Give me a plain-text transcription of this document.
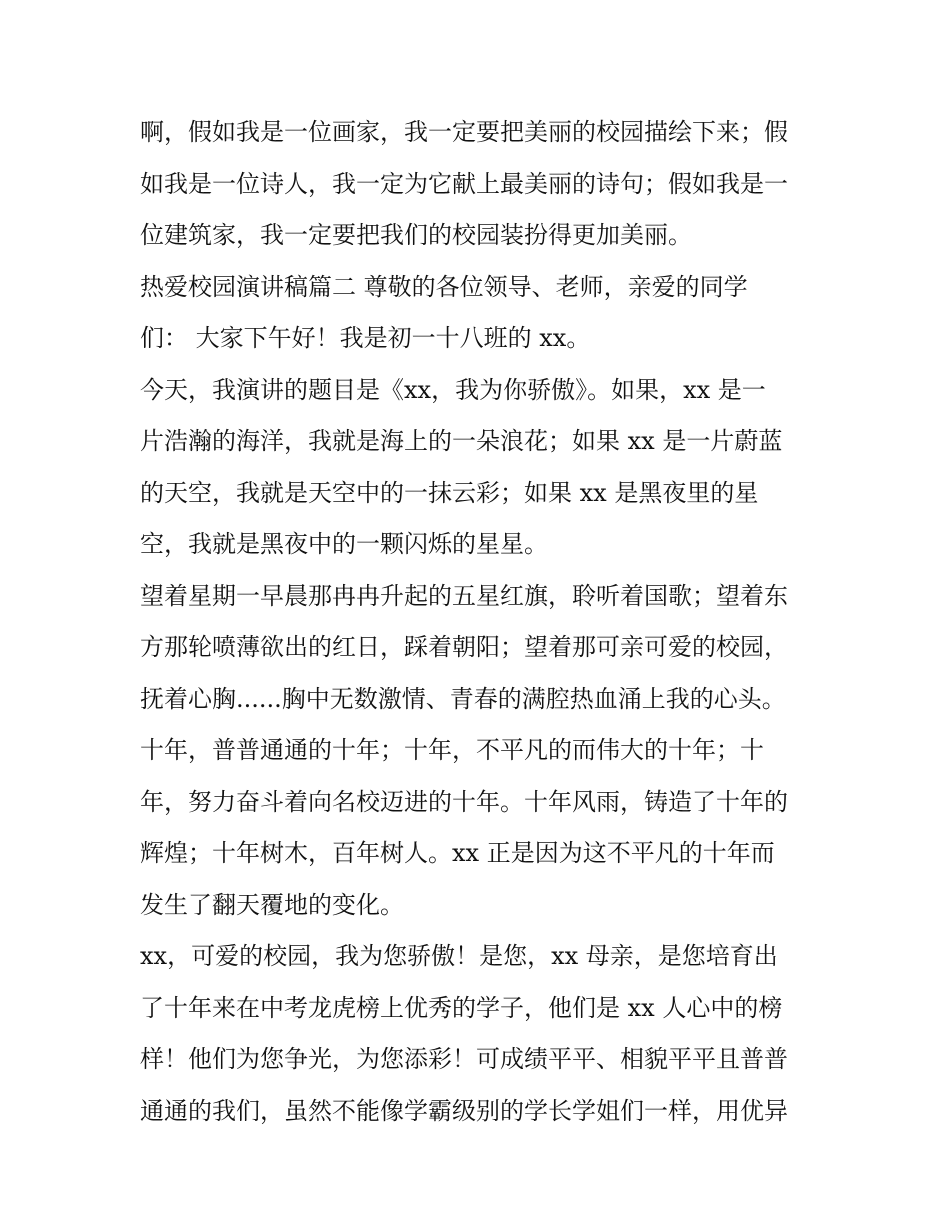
啊，假如我是一位画家，我一定要把美丽的校园描绘下来；假
如我是一位诗人，我一定为它献上最美丽的诗句；假如我是一
位建筑家，我一定要把我们的校园装扮得更加美丽。
热爱校园演讲稿篇二 尊敬的各位领导、老师，亲爱的同学
们： 大家下午好！我是初一十八班的 xx。
今天，我演讲的题目是《xx，我为你骄傲》。如果，xx 是一
片浩瀚的海洋，我就是海上的一朵浪花；如果 xx 是一片蔚蓝
的天空，我就是天空中的一抹云彩；如果 xx 是黑夜里的星
空，我就是黑夜中的一颗闪烁的星星。
望着星期一早晨那冉冉升起的五星红旗，聆听着国歌；望着东
方那轮喷薄欲出的红日，踩着朝阳；望着那可亲可爱的校园，
抚着心胸......胸中无数激情、青春的满腔热血涌上我的心头。
十年，普普通通的十年；十年，不平凡的而伟大的十年；十
年，努力奋斗着向名校迈进的十年。十年风雨，铸造了十年的
辉煌；十年树木，百年树人。xx 正是因为这不平凡的十年而
发生了翻天覆地的变化。
xx，可爱的校园，我为您骄傲！是您，xx 母亲，是您培育出
了十年来在中考龙虎榜上优秀的学子，他们是 xx 人心中的榜
样！他们为您争光，为您添彩！可成绩平平、相貌平平且普普
通通的我们，虽然不能像学霸级别的学长学姐们一样，用优异
